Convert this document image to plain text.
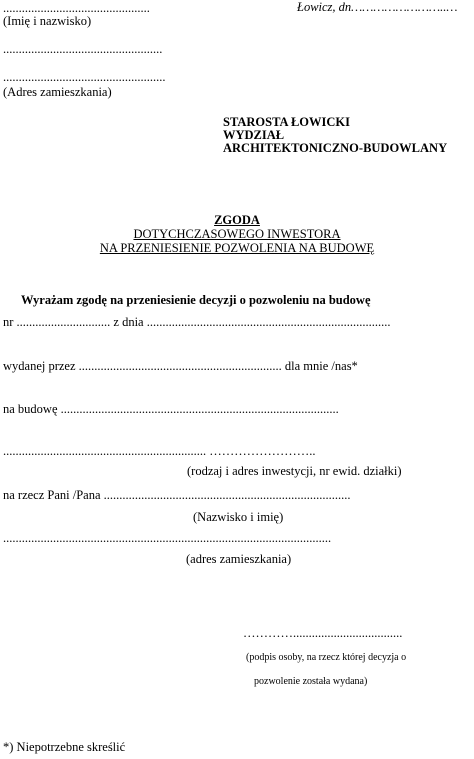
...............................................	Łowicz, dn……………………..…
(Imię i nazwisko)
...................................................
....................................................
(Adres zamieszkania)
STAROSTA ŁOWICKI
WYDZIAŁ
ARCHITEKTONICZNO-BUDOWLANY
ZGODA
DOTYCHCZASOWEGO INWESTORA
NA PRZENIESIENIE POZWOLENIA NA BUDOWĘ
Wyrażam zgodę na przeniesienie decyzji o pozwoleniu na budowę
nr .............................. z dnia ..............................................................................
wydanej przez ................................................................. dla mnie /nas*
na budowę .........................................................................................
................................................................. ……………………..
(rodzaj i adres inwestycji, nr ewid. działki)
na rzecz Pani /Pana ...............................................................................
(Nazwisko i imię)
.........................................................................................................
(adres zamieszkania)
…………...................................
(podpis osoby, na rzecz której decyzja o
pozwolenie została wydana)
*) Niepotrzebne skreślić
